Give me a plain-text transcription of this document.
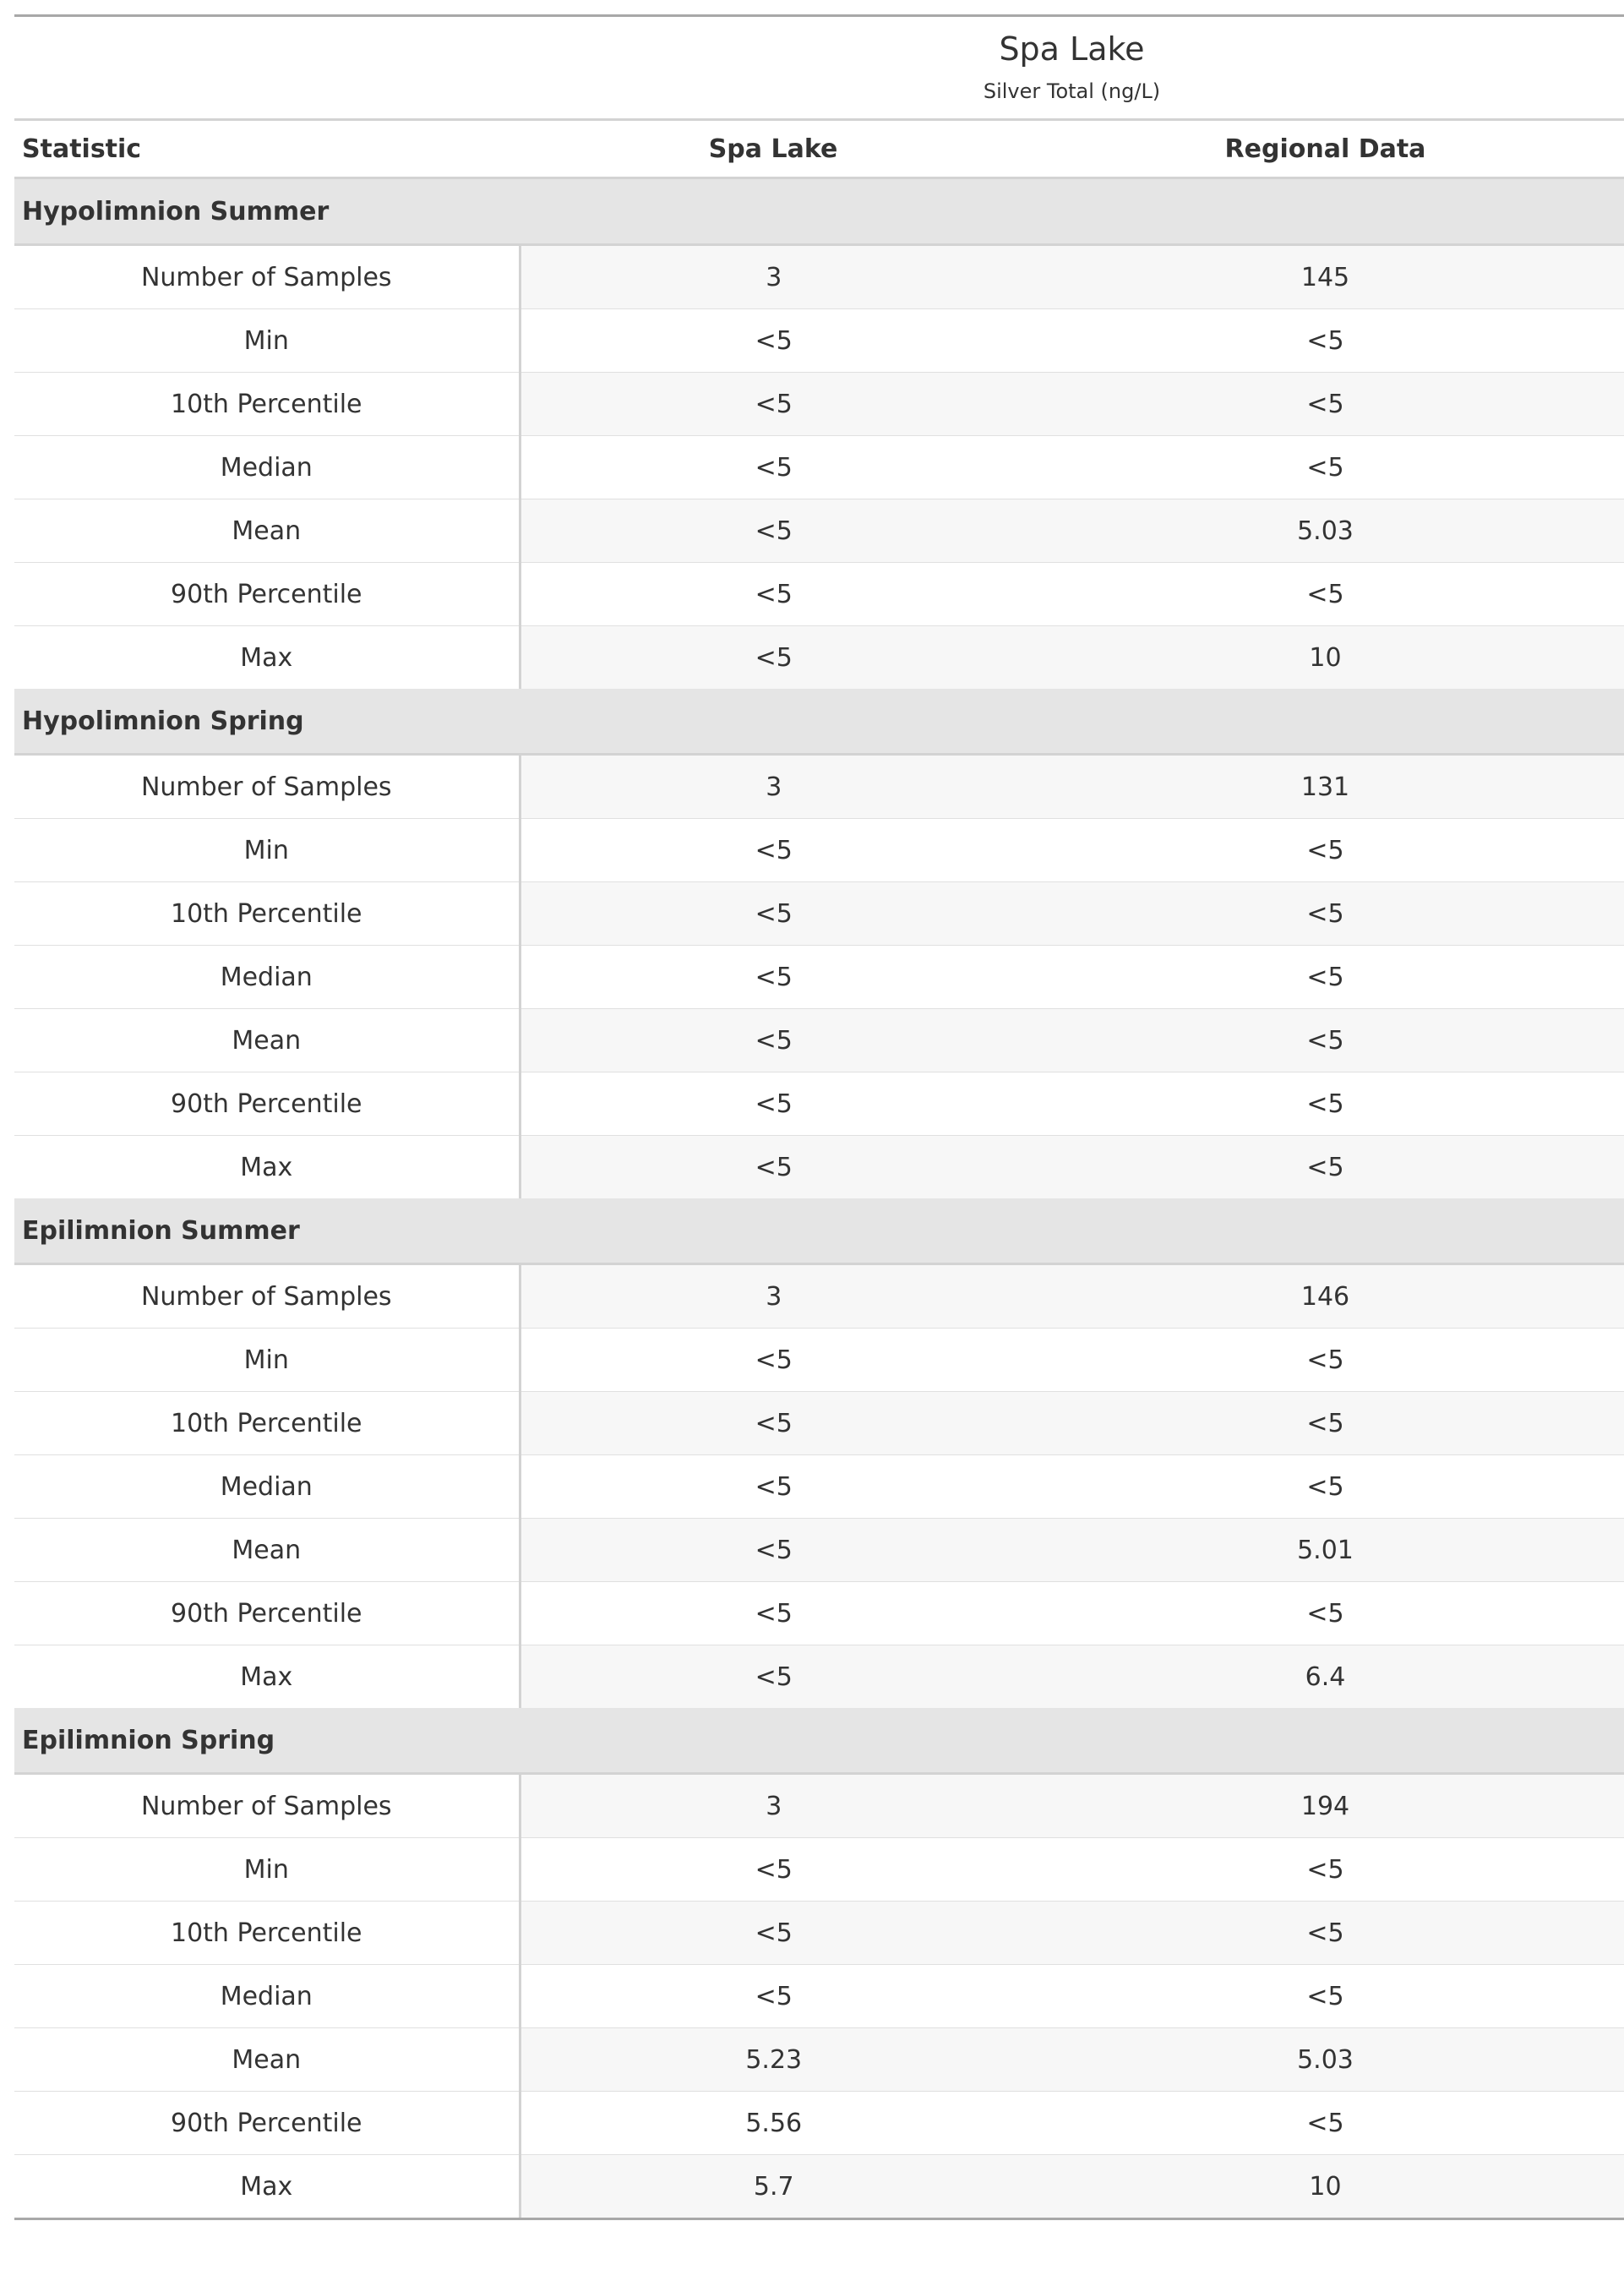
	Spa Lake
Silver Total (ng/L)	

Statistic	Spa Lake	Regional Data
Hypolimnion Summer		
Number of Samples	3	145
Min	<5	<5
10th Percentile	<5	<5
Median	<5	<5
Mean	<5	5.03
90th Percentile	<5	<5
Max	<5	10
Hypolimnion Spring		
Number of Samples	3	131
Min	<5	<5
10th Percentile	<5	<5
Median	<5	<5
Mean	<5	<5
90th Percentile	<5	<5
Max	<5	<5
Epilimnion Summer		
Number of Samples	3	146
Min	<5	<5
10th Percentile	<5	<5
Median	<5	<5
Mean	<5	5.01
90th Percentile	<5	<5
Max	<5	6.4
Epilimnion Spring		
Number of Samples	3	194
Min	<5	<5
10th Percentile	<5	<5
Median	<5	<5
Mean	5.23	5.03
90th Percentile	5.56	<5
Max	5.7	10
